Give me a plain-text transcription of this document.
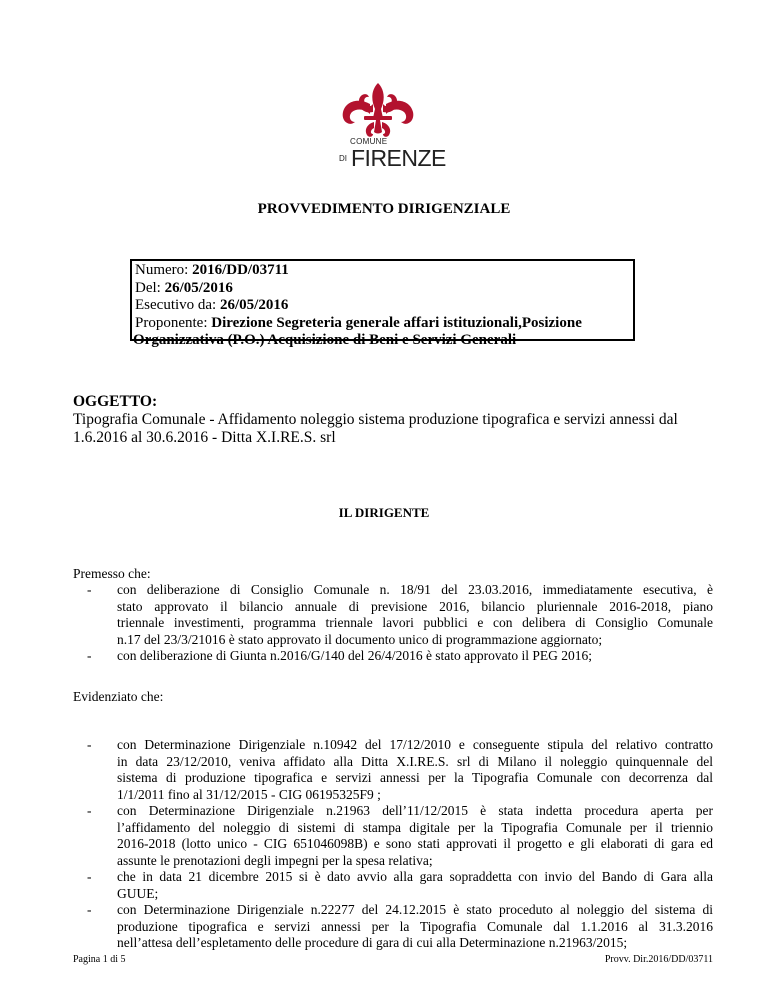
COMUNE
DI FIRENZE
PROVVEDIMENTO DIRIGENZIALE
Numero: 2016/DD/03711
Del: 26/05/2016
Esecutivo da: 26/05/2016
Proponente: Direzione Segreteria generale affari istituzionali,Posizione
Organizzativa (P.O.) Acquisizione di Beni e Servizi Generali
OGGETTO:
Tipografia Comunale - Affidamento noleggio sistema produzione tipografica e servizi annessi dal
1.6.2016 al 30.6.2016 - Ditta X.I.RE.S. srl
IL DIRIGENTE
Premesso che:
- con deliberazione di Consiglio Comunale n. 18/91 del 23.03.2016, immediatamente esecutiva, è
stato approvato il bilancio annuale di previsione 2016, bilancio pluriennale 2016-2018, piano
triennale investimenti, programma triennale lavori pubblici e con delibera di Consiglio Comunale
n.17 del 23/3/21016 è stato approvato il documento unico di programmazione aggiornato;
- con deliberazione di Giunta n.2016/G/140 del 26/4/2016 è stato approvato il PEG 2016;
Evidenziato che:
- con Determinazione Dirigenziale n.10942 del 17/12/2010 e conseguente stipula del relativo contratto
in data 23/12/2010, veniva affidato alla Ditta X.I.RE.S. srl di Milano il noleggio quinquennale del
sistema di produzione tipografica e servizi annessi per la Tipografia Comunale con decorrenza dal
1/1/2011 fino al 31/12/2015 - CIG 06195325F9 ;
- con Determinazione Dirigenziale n.21963 dell’11/12/2015 è stata indetta procedura aperta per
l’affidamento del noleggio di sistemi di stampa digitale per la Tipografia Comunale per il triennio
2016-2018 (lotto unico - CIG 651046098B) e sono stati approvati il progetto e gli elaborati di gara ed
assunte le prenotazioni degli impegni per la spesa relativa;
- che in data 21 dicembre 2015 si è dato avvio alla gara sopraddetta con invio del Bando di Gara alla
GUUE;
- con Determinazione Dirigenziale n.22277 del 24.12.2015 è stato proceduto al noleggio del sistema di
produzione tipografica e servizi annessi per la Tipografia Comunale dal 1.1.2016 al 31.3.2016
nell’attesa dell’espletamento delle procedure di gara di cui alla Determinazione n.21963/2015;
Pagina 1 di 5	Provv. Dir.2016/DD/03711
